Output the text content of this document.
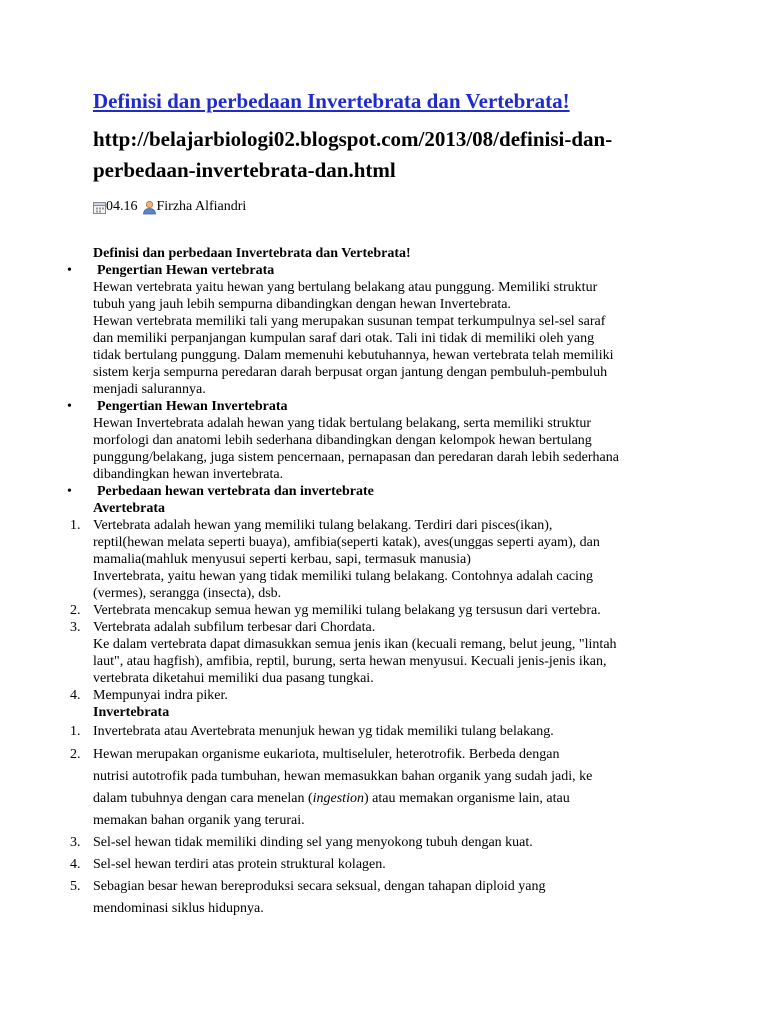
Definisi dan perbedaan Invertebrata dan Vertebrata!
http://belajarbiologi02.blogspot.com/2013/08/definisi-dan-
perbedaan-invertebrata-dan.html
04.16 Firzha Alfiandri
Definisi dan perbedaan Invertebrata dan Vertebrata!
• Pengertian Hewan vertebrata
Hewan vertebrata yaitu hewan yang bertulang belakang atau punggung. Memiliki struktur
tubuh yang jauh lebih sempurna dibandingkan dengan hewan Invertebrata.
Hewan vertebrata memiliki tali yang merupakan susunan tempat terkumpulnya sel-sel saraf
dan memiliki perpanjangan kumpulan saraf dari otak. Tali ini tidak di memiliki oleh yang
tidak bertulang punggung. Dalam memenuhi kebutuhannya, hewan vertebrata telah memiliki
sistem kerja sempurna peredaran darah berpusat organ jantung dengan pembuluh-pembuluh
menjadi salurannya.
• Pengertian Hewan Invertebrata
Hewan Invertebrata adalah hewan yang tidak bertulang belakang, serta memiliki struktur
morfologi dan anatomi lebih sederhana dibandingkan dengan kelompok hewan bertulang
punggung/belakang, juga sistem pencernaan, pernapasan dan peredaran darah lebih sederhana
dibandingkan hewan invertebrata.
• Perbedaan hewan vertebrata dan invertebrate
Avertebrata
1. Vertebrata adalah hewan yang memiliki tulang belakang. Terdiri dari pisces(ikan),
reptil(hewan melata seperti buaya), amfibia(seperti katak), aves(unggas seperti ayam), dan
mamalia(mahluk menyusui seperti kerbau, sapi, termasuk manusia)
Invertebrata, yaitu hewan yang tidak memiliki tulang belakang. Contohnya adalah cacing
(vermes), serangga (insecta), dsb.
2. Vertebrata mencakup semua hewan yg memiliki tulang belakang yg tersusun dari vertebra.
3. Vertebrata adalah subfilum terbesar dari Chordata.
Ke dalam vertebrata dapat dimasukkan semua jenis ikan (kecuali remang, belut jeung, "lintah
laut", atau hagfish), amfibia, reptil, burung, serta hewan menyusui. Kecuali jenis-jenis ikan,
vertebrata diketahui memiliki dua pasang tungkai.
4. Mempunyai indra piker.
Invertebrata
1. Invertebrata atau Avertebrata menunjuk hewan yg tidak memiliki tulang belakang.
2. Hewan merupakan organisme eukariota, multiseluler, heterotrofik. Berbeda dengan
nutrisi autotrofik pada tumbuhan, hewan memasukkan bahan organik yang sudah jadi, ke
dalam tubuhnya dengan cara menelan (ingestion) atau memakan organisme lain, atau
memakan bahan organik yang terurai.
3. Sel-sel hewan tidak memiliki dinding sel yang menyokong tubuh dengan kuat.
4. Sel-sel hewan terdiri atas protein struktural kolagen.
5. Sebagian besar hewan bereproduksi secara seksual, dengan tahapan diploid yang
mendominasi siklus hidupnya.
